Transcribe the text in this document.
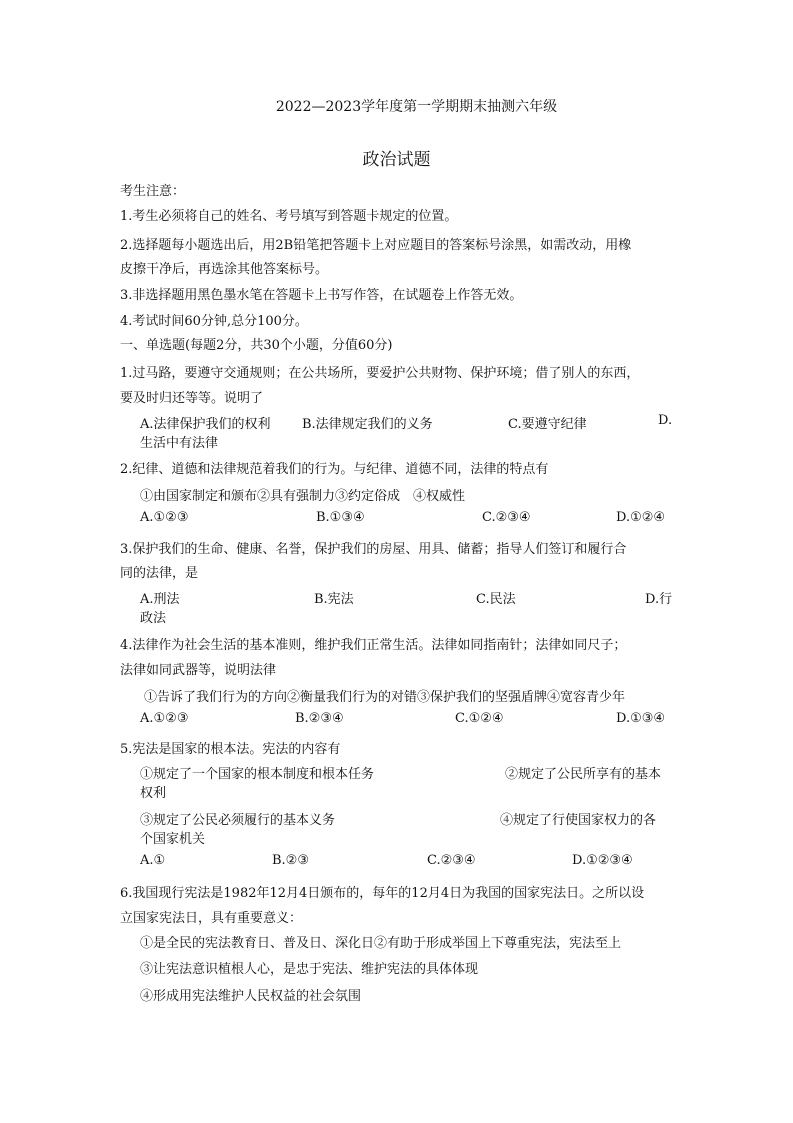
2022—2023学年度第一学期期末抽测六年级
政治试题
考生注意：
1.考生必须将自己的姓名、考号填写到答题卡规定的位置。
2.选择题每小题选出后，用2B铅笔把答题卡上对应题目的答案标号涂黑，如需改动，用橡
皮擦干净后，再选涂其他答案标号。
3.非选择题用黑色墨水笔在答题卡上书写作答，在试题卷上作答无效。
4.考试时间60分钟,总分100分。
一、单选题(每题2分，共30个小题，分值60分)
1.过马路，要遵守交通规则；在公共场所，要爱护公共财物、保护环境；借了别人的东西，
要及时归还等等。说明了
A.法律保护我们的权利 B.法律规定我们的义务	C.要遵守纪律	D.
生活中有法律
2.纪律、道德和法律规范着我们的行为。与纪律、道德不同，法律的特点有
①由国家制定和颁布②具有强制力③约定俗成　④权威性
A.①②③	B.①③④	C.②③④	D.①②④
3.保护我们的生命、健康、名誉，保护我们的房屋、用具、储蓄；指导人们签订和履行合
同的法律，是
A.刑法	B.宪法	C.民法	D.行
政法
4.法律作为社会生活的基本准则，维护我们正常生活。法律如同指南针；法律如同尺子；
法律如同武器等，说明法律
①告诉了我们行为的方向②衡量我们行为的对错③保护我们的坚强盾牌④宽容青少年
A.①②③	B.②③④	C.①②④	D.①③④
5.宪法是国家的根本法。宪法的内容有
①规定了一个国家的根本制度和根本任务	②规定了公民所享有的基本
权利
③规定了公民必须履行的基本义务	④规定了行使国家权力的各
个国家机关
A.①	B.②③	C.②③④	D.①②③④
6.我国现行宪法是1982年12月4日颁布的，每年的12月4日为我国的国家宪法日。之所以设
立国家宪法日，具有重要意义：
①是全民的宪法教育日、普及日、深化日②有助于形成举国上下尊重宪法，宪法至上
③让宪法意识植根人心，是忠于宪法、维护宪法的具体体现
④形成用宪法维护人民权益的社会氛围
